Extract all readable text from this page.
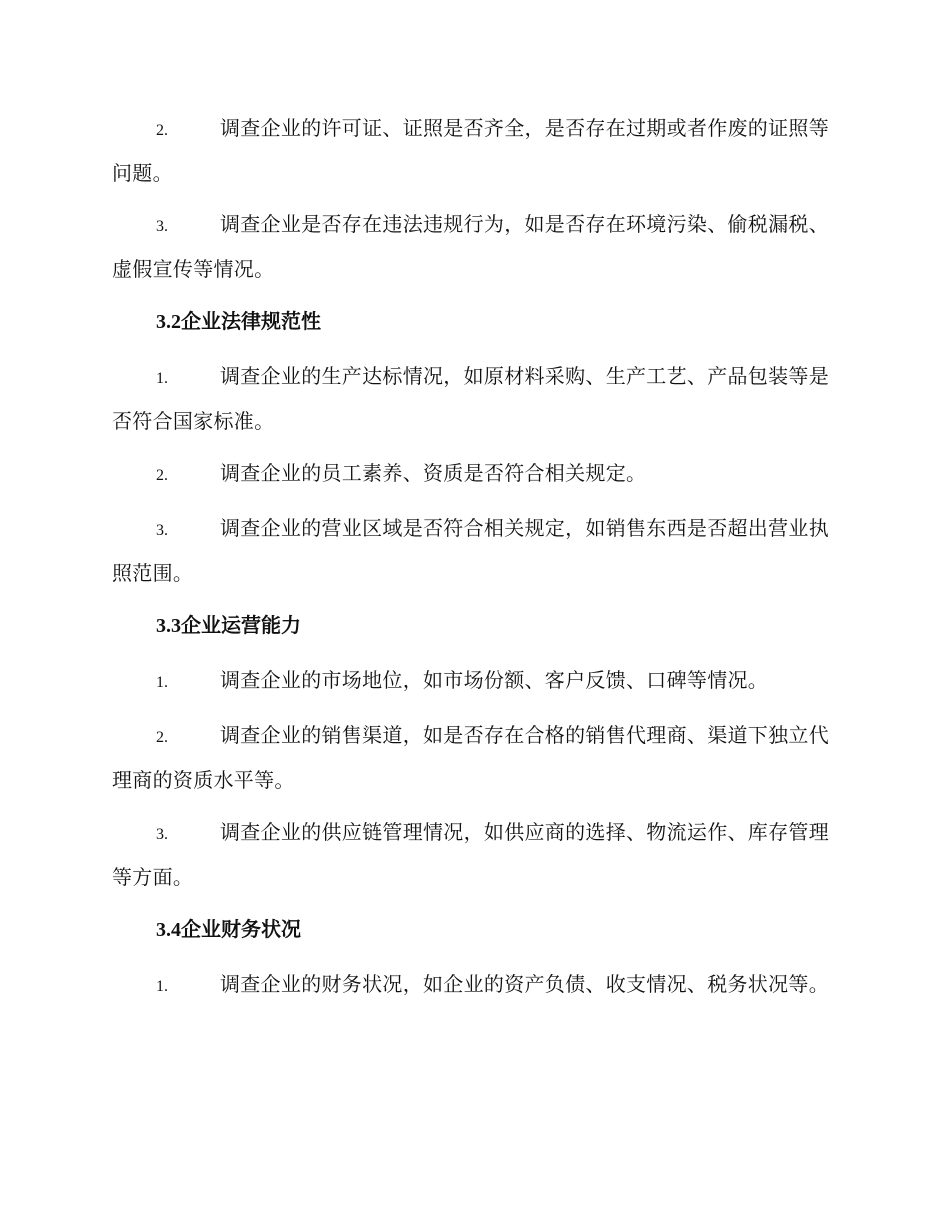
2.	调查企业的许可证、证照是否齐全，是否存在过期或者作废的证照等问题。
3.	调查企业是否存在违法违规行为，如是否存在环境污染、偷税漏税、虚假宣传等情况。
3.2企业法律规范性
1.	调查企业的生产达标情况，如原材料采购、生产工艺、产品包装等是否符合国家标准。
2.	调查企业的员工素养、资质是否符合相关规定。
3.	调查企业的营业区域是否符合相关规定，如销售东西是否超出营业执照范围。
3.3企业运营能力
1.	调查企业的市场地位，如市场份额、客户反馈、口碑等情况。
2.	调查企业的销售渠道，如是否存在合格的销售代理商、渠道下独立代理商的资质水平等。
3.	调查企业的供应链管理情况，如供应商的选择、物流运作、库存管理等方面。
3.4企业财务状况
1.	调查企业的财务状况，如企业的资产负债、收支情况、税务状况等。
